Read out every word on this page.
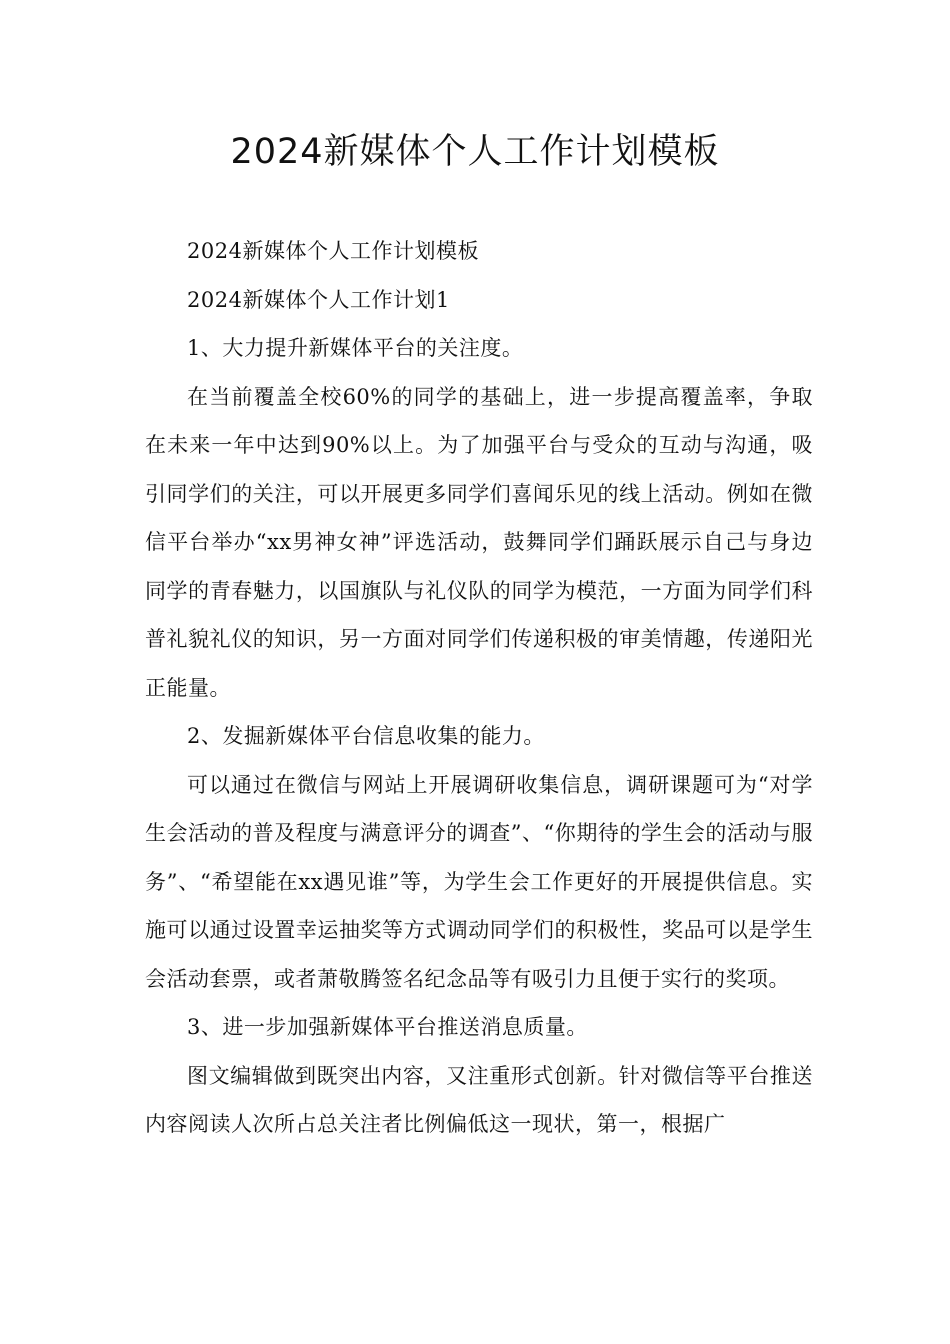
2024新媒体个人工作计划模板

2024新媒体个人工作计划模板

2024新媒体个人工作计划1

1、大力提升新媒体平台的关注度。

在当前覆盖全校60%的同学的基础上，进一步提高覆盖率，争取在未来一年中达到90%以上。为了加强平台与受众的互动与沟通，吸引同学们的关注，可以开展更多同学们喜闻乐见的线上活动。例如在微信平台举办“xx男神女神”评选活动，鼓舞同学们踊跃展示自己与身边同学的青春魅力，以国旗队与礼仪队的同学为模范，一方面为同学们科普礼貌礼仪的知识，另一方面对同学们传递积极的审美情趣，传递阳光正能量。

2、发掘新媒体平台信息收集的能力。

可以通过在微信与网站上开展调研收集信息，调研课题可为“对学生会活动的普及程度与满意评分的调查”、“你期待的学生会的活动与服务”、“希望能在xx遇见谁”等，为学生会工作更好的开展提供信息。实施可以通过设置幸运抽奖等方式调动同学们的积极性，奖品可以是学生会活动套票，或者萧敬腾签名纪念品等有吸引力且便于实行的奖项。

3、进一步加强新媒体平台推送消息质量。

图文编辑做到既突出内容，又注重形式创新。针对微信等平台推送内容阅读人次所占总关注者比例偏低这一现状，第一，根据广
